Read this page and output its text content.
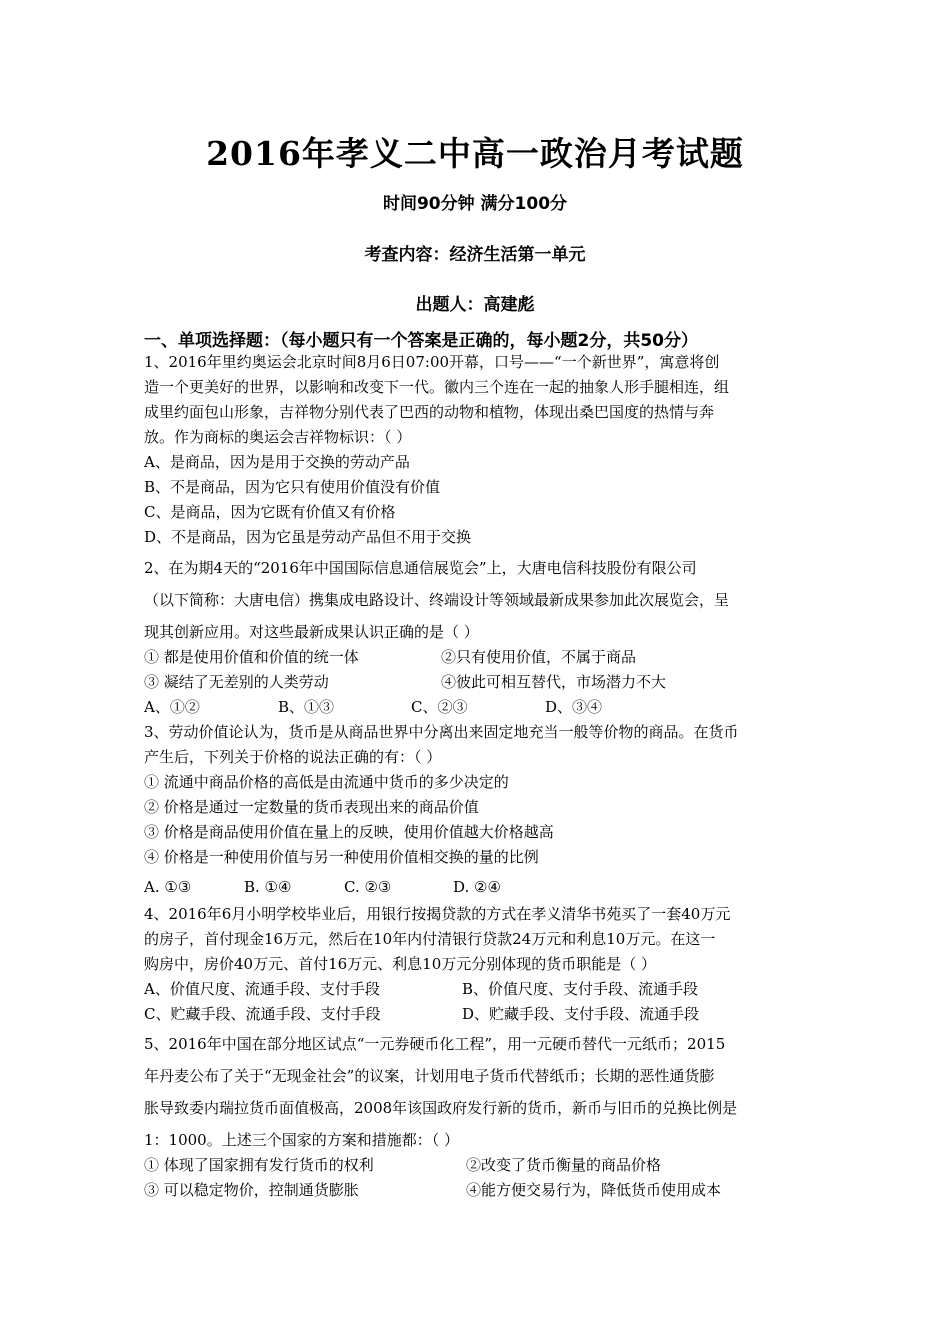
2016年孝义二中高一政治月考试题
时间90分钟 满分100分
考查内容：经济生活第一单元
出题人：高建彪
一、单项选择题：（每小题只有一个答案是正确的，每小题2分，共50分）
1、2016年里约奥运会北京时间8月6日07:00开幕，口号——“一个新世界”，寓意将创
造一个更美好的世界，以影响和改变下一代。徽内三个连在一起的抽象人形手腿相连，组
成里约面包山形象，吉祥物分别代表了巴西的动物和植物，体现出桑巴国度的热情与奔
放。作为商标的奥运会吉祥物标识：（ ）
A、是商品，因为是用于交换的劳动产品
B、不是商品，因为它只有使用价值没有价值
C、是商品，因为它既有价值又有价格
D、不是商品，因为它虽是劳动产品但不用于交换
2、在为期4天的“2016年中国国际信息通信展览会”上，大唐电信科技股份有限公司
（以下简称：大唐电信）携集成电路设计、终端设计等领域最新成果参加此次展览会，呈
现其创新应用。对这些最新成果认识正确的是（ ）
① 都是使用价值和价值的统一体	②只有使用价值，不属于商品
③ 凝结了无差别的人类劳动	④彼此可相互替代，市场潜力不大
A、①②	B、①③	C、②③	D、③④
3、劳动价值论认为，货币是从商品世界中分离出来固定地充当一般等价物的商品。在货币
产生后，下列关于价格的说法正确的有：（ ）
① 流通中商品价格的高低是由流通中货币的多少决定的
② 价格是通过一定数量的货币表现出来的商品价值
③ 价格是商品使用价值在量上的反映，使用价值越大价格越高
④ 价格是一种使用价值与另一种使用价值相交换的量的比例
A. ①③	B. ①④	C. ②③	D. ②④
4、2016年6月小明学校毕业后，用银行按揭贷款的方式在孝义清华书苑买了一套40万元
的房子，首付现金16万元，然后在10年内付清银行贷款24万元和利息10万元。在这一
购房中，房价40万元、首付16万元、利息10万元分别体现的货币职能是（ ）
A、价值尺度、流通手段、支付手段	B、价值尺度、支付手段、流通手段
C、贮藏手段、流通手段、支付手段	D、贮藏手段、支付手段、流通手段
5、2016年中国在部分地区试点“一元券硬币化工程”，用一元硬币替代一元纸币；2015
年丹麦公布了关于“无现金社会”的议案，计划用电子货币代替纸币；长期的恶性通货膨
胀导致委内瑞拉货币面值极高，2008年该国政府发行新的货币，新币与旧币的兑换比例是
1：1000。上述三个国家的方案和措施都：（ ）
① 体现了国家拥有发行货币的权利	②改变了货币衡量的商品价格
③ 可以稳定物价，控制通货膨胀	④能方便交易行为，降低货币使用成本
